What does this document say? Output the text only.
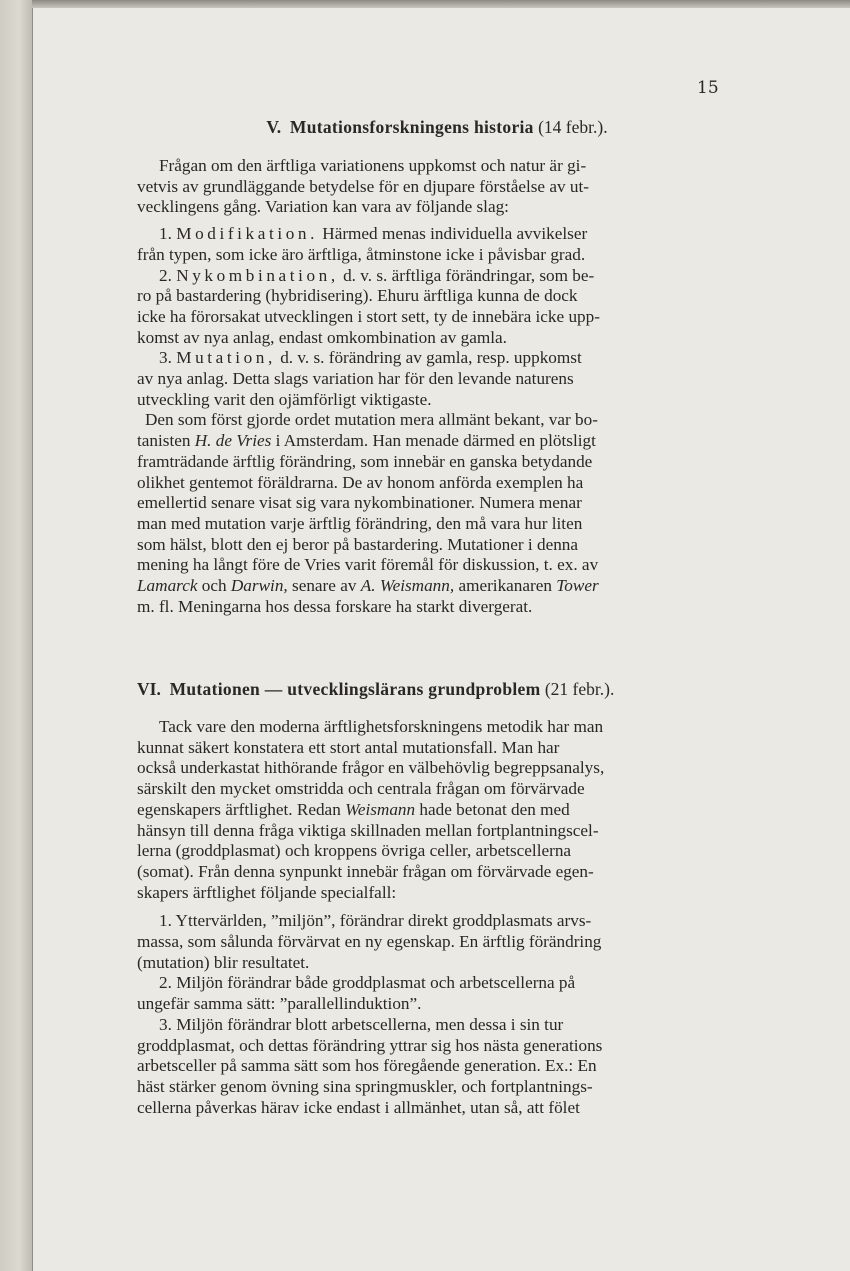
15
V. Mutationsforskningens historia (14 febr.).
Frågan om den ärftliga variationens uppkomst och natur är gi-
vetvis av grundläggande betydelse för en djupare förståelse av ut-
vecklingens gång. Variation kan vara av följande slag:
1. Modifikation. Härmed menas individuella avvikelser
från typen, som icke äro ärftliga, åtminstone icke i påvisbar grad.
2. Nykombination, d. v. s. ärftliga förändringar, som be-
ro på bastardering (hybridisering). Ehuru ärftliga kunna de dock
icke ha förorsakat utvecklingen i stort sett, ty de innebära icke upp-
komst av nya anlag, endast omkombination av gamla.
3. Mutation, d. v. s. förändring av gamla, resp. uppkomst
av nya anlag. Detta slags variation har för den levande naturens
utveckling varit den ojämförligt viktigaste.
Den som först gjorde ordet mutation mera allmänt bekant, var bo-
tanisten H. de Vries i Amsterdam. Han menade därmed en plötsligt
framträdande ärftlig förändring, som innebär en ganska betydande
olikhet gentemot föräldrarna. De av honom anförda exemplen ha
emellertid senare visat sig vara nykombinationer. Numera menar
man med mutation varje ärftlig förändring, den må vara hur liten
som hälst, blott den ej beror på bastardering. Mutationer i denna
mening ha långt före de Vries varit föremål för diskussion, t. ex. av
Lamarck och Darwin, senare av A. Weismann, amerikanaren Tower
m. fl. Meningarna hos dessa forskare ha starkt divergerat.
VI. Mutationen — utvecklingslärans grundproblem (21 febr.).
Tack vare den moderna ärftlighetsforskningens metodik har man
kunnat säkert konstatera ett stort antal mutationsfall. Man har
också underkastat hithörande frågor en välbehövlig begreppsanalys,
särskilt den mycket omstridda och centrala frågan om förvärvade
egenskapers ärftlighet. Redan Weismann hade betonat den med
hänsyn till denna fråga viktiga skillnaden mellan fortplantningscel-
lerna (groddplasmat) och kroppens övriga celler, arbetscellerna
(somat). Från denna synpunkt innebär frågan om förvärvade egen-
skapers ärftlighet följande specialfall:
1. Yttervärlden, ”miljön”, förändrar direkt groddplasmats arvs-
massa, som sålunda förvärvat en ny egenskap. En ärftlig förändring
(mutation) blir resultatet.
2. Miljön förändrar både groddplasmat och arbetscellerna på
ungefär samma sätt: ”parallellinduktion”.
3. Miljön förändrar blott arbetscellerna, men dessa i sin tur
groddplasmat, och dettas förändring yttrar sig hos nästa generations
arbetsceller på samma sätt som hos föregående generation. Ex.: En
häst stärker genom övning sina springmuskler, och fortplantnings-
cellerna påverkas härav icke endast i allmänhet, utan så, att fölet
